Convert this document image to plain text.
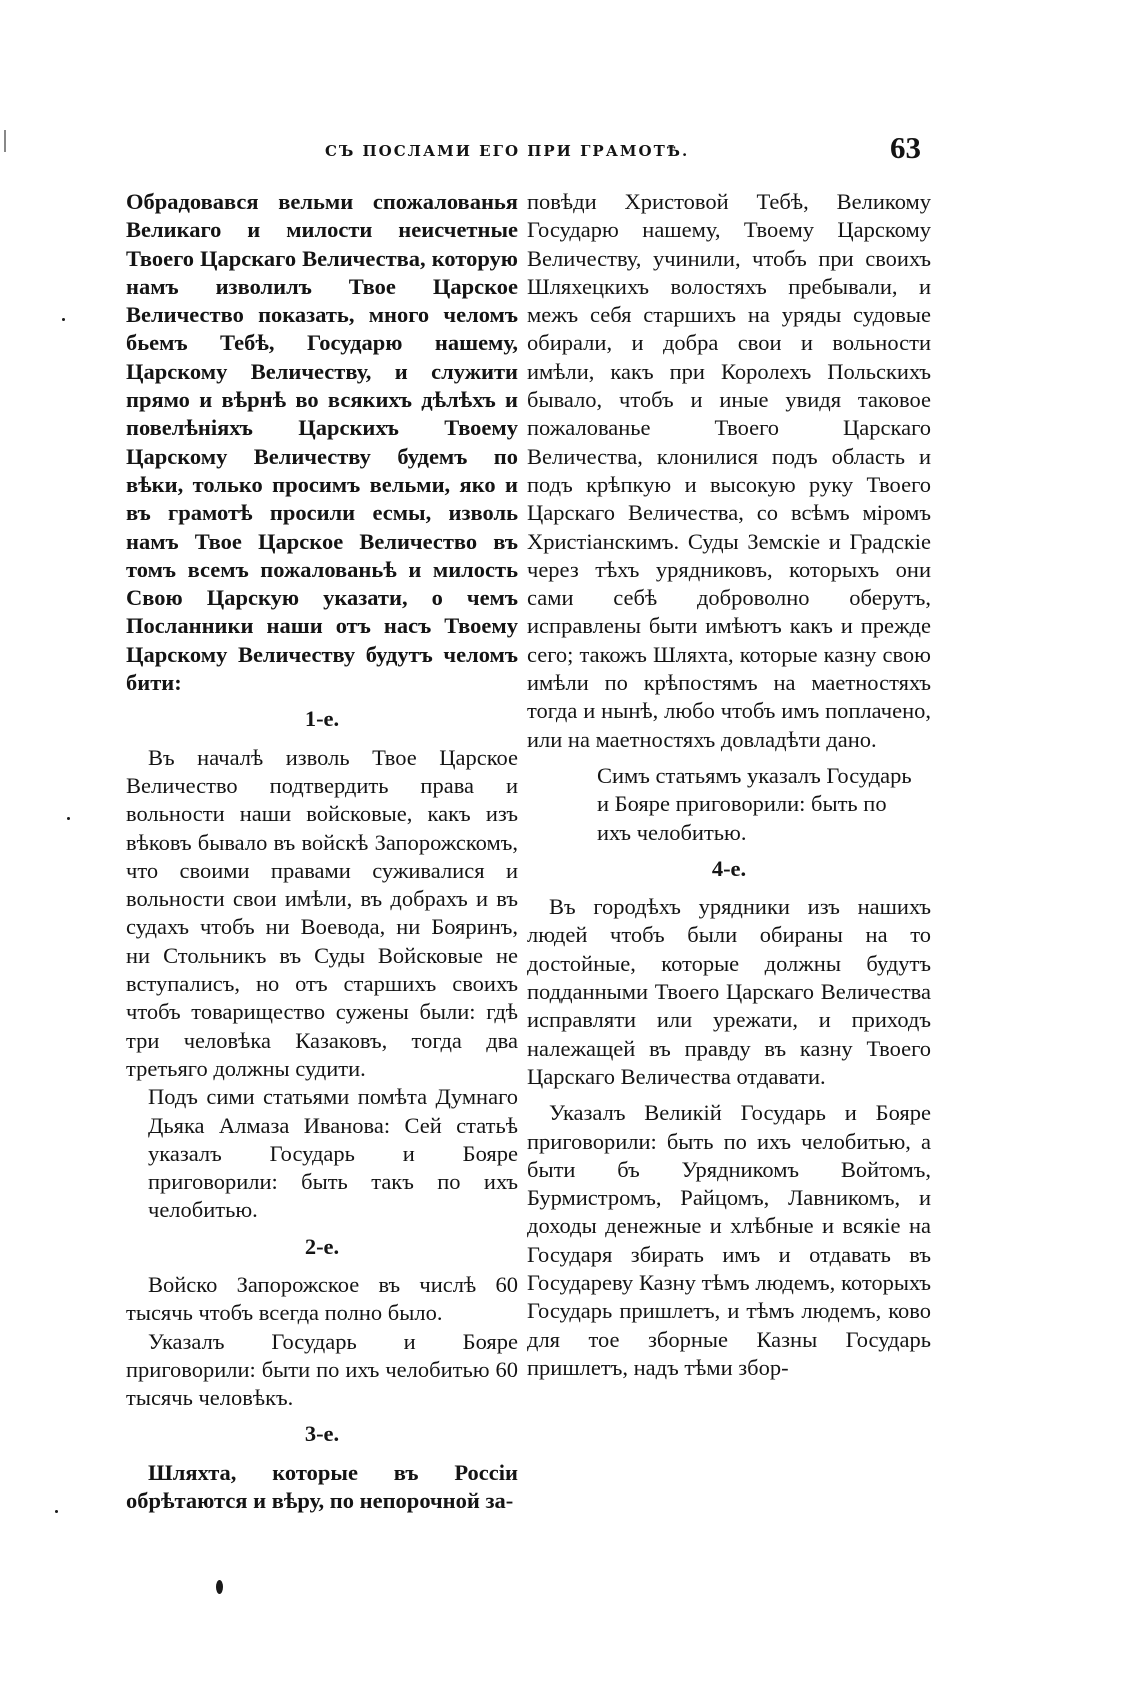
СЪ ПОСЛАМИ ЕГО ПРИ ГРАМОТѢ.	63

Обрадовався вельми спожалованья Великаго и милости неисчетные Твоего Царскаго Величества, которую намъ изволилъ Твое Царское Величество показать, много челомъ бьемъ Тебѣ, Государю нашему, Царскому Величеству, и служити прямо и вѣрнѣ во всякихъ дѣлѣхъ и повелѣніяхъ Царскихъ Твоему Царскому Величеству будемъ по вѣки, только просимъ вельми, яко и въ грамотѣ просили есмы, изволь намъ Твое Царское Величество въ томъ всемъ пожалованьѣ и милость Свою Царскую указати, о чемъ Посланники наши отъ насъ Твоему Царскому Величеству будутъ челомъ бити:

1-е.

Въ началѣ изволь Твое Царское Величество подтвердить права и вольности наши войсковые, какъ изъ вѣковъ бывало въ войскѣ Запорожскомъ, что своими правами суживалися и вольности свои имѣли, въ добрахъ и въ судахъ чтобъ ни Воевода, ни Бояринъ, ни Стольникъ въ Суды Войсковые не вступалисъ, но отъ старшихъ своихъ чтобъ товарищество сужены были: гдѣ три человѣка Казаковъ, тогда два третьяго должны судити.

Подъ сими статьями помѣта Думнаго Дьяка Алмаза Иванова: Сей статьѣ указалъ Государь и Бояре приговорили: быть такъ по ихъ челобитью.

2-е.

Войско Запорожское въ числѣ 60 тысячь чтобъ всегда полно было.

Указалъ Государь и Бояре приговорили: быти по ихъ челобитью 60 тысячь человѣкъ.

3-е.

Шляхта, которые въ Россіи обрѣтаются и вѣру, по непорочной за-

повѣди Христовой Тебѣ, Великому Государю нашему, Твоему Царскому Величеству, учинили, чтобъ при своихъ Шляхецкихъ волостяхъ пребывали, и межъ себя старшихъ на уряды судовые обирали, и добра свои и вольности имѣли, какъ при Королехъ Польскихъ бывало, чтобъ и иные увидя таковое пожалованье Твоего Царскаго Величества, клонилися подъ область и подъ крѣпкую и высокую руку Твоего Царскаго Величества, со всѣмъ міромъ Христіанскимъ. Суды Земскіе и Градскіе через тѣхъ урядниковъ, которыхъ они сами себѣ доброволно оберутъ, исправлены быти имѣютъ какъ и прежде сего; такожъ Шляхта, которые казну свою имѣли по крѣпостямъ на маетностяхъ тогда и нынѣ, любо чтобъ имъ поплачено, или на маетностяхъ довладѣти дано.

Симъ статьямъ указалъ Государь и Бояре приговорили: быть по ихъ челобитью.

4-е.

Въ городѣхъ урядники изъ нашихъ людей чтобъ были обираны на то достойные, которые должны будутъ подданными Твоего Царскаго Величества исправляти или урежати, и приходъ належащей въ правду въ казну Твоего Царскаго Величества отдавати.

Указалъ Великій Государь и Бояре приговорили: быть по ихъ челобитью, а быти бъ Урядникомъ Войтомъ, Бурмистромъ, Райцомъ, Лавникомъ, и доходы денежные и хлѣбные и всякіе на Государя збирать имъ и отдавать въ Государеву Казну тѣмъ людемъ, которыхъ Государь пришлетъ, и тѣмъ людемъ, ково для тое зборные Казны Государь пришлетъ, надъ тѣми збор-
